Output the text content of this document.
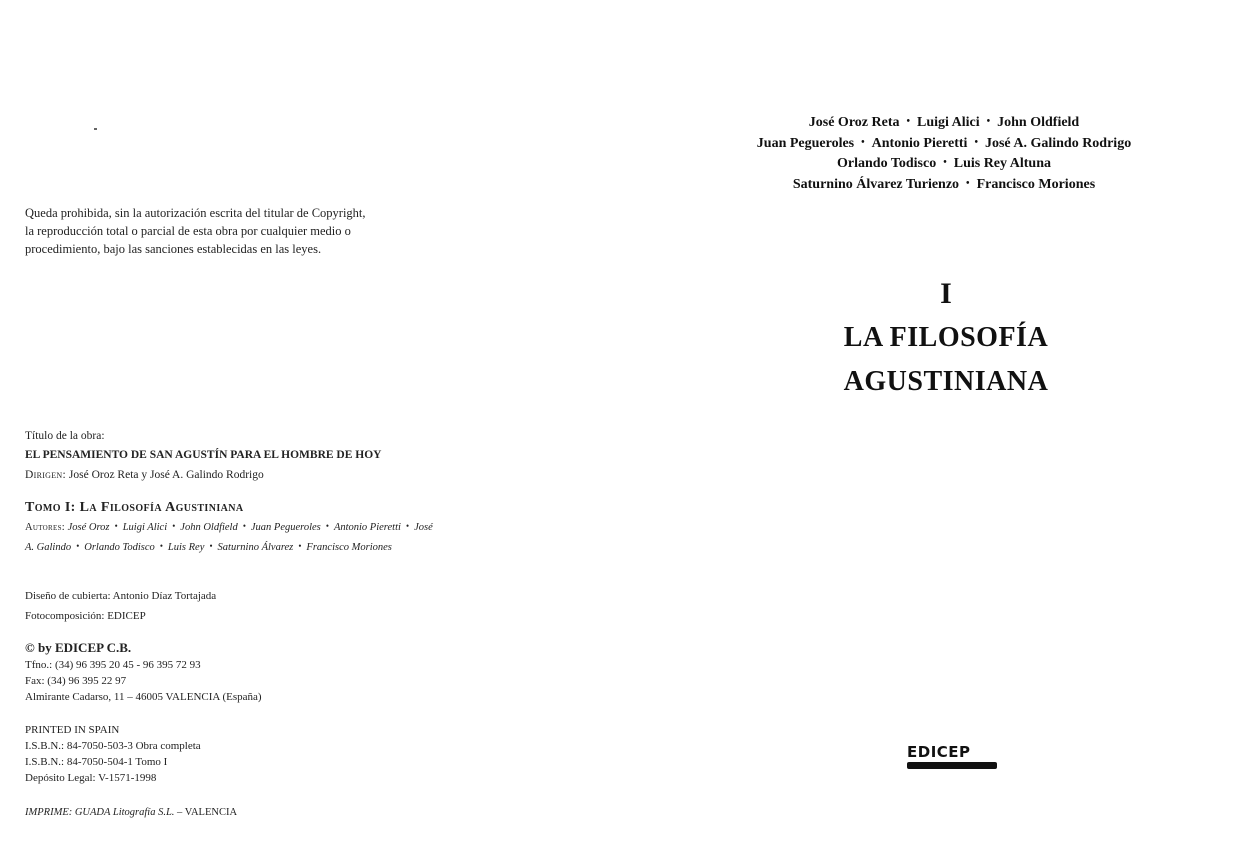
Queda prohibida, sin la autorización escrita del titular de Copyright,
la reproducción total o parcial de esta obra por cualquier medio o
procedimiento, bajo las sanciones establecidas en las leyes.
Título de la obra:
EL PENSAMIENTO DE SAN AGUSTÍN PARA EL HOMBRE DE HOY
Dirigen: José Oroz Reta y José A. Galindo Rodrigo
Tomo I: La Filosofía Agustiniana
Autores: José Oroz • Luigi Alici • John Oldfield • Juan Pegueroles • Antonio Pieretti • José
A. Galindo • Orlando Todisco • Luis Rey • Saturnino Álvarez • Francisco Moriones
Diseño de cubierta: Antonio Díaz Tortajada
Fotocomposición: EDICEP
© by EDICEP C.B.
Tfno.: (34) 96 395 20 45 - 96 395 72 93
Fax: (34) 96 395 22 97
Almirante Cadarso, 11 – 46005 VALENCIA (España)
PRINTED IN SPAIN
I.S.B.N.: 84-7050-503-3 Obra completa
I.S.B.N.: 84-7050-504-1 Tomo I
Depósito Legal: V-1571-1998
IMPRIME: GUADA Litografía S.L. – VALENCIA
José Oroz Reta • Luigi Alici • John Oldfield
Juan Pegueroles • Antonio Pieretti • José A. Galindo Rodrigo
Orlando Todisco • Luis Rey Altuna
Saturnino Álvarez Turienzo • Francisco Moriones
I
LA FILOSOFÍA
AGUSTINIANA
EDICEP
